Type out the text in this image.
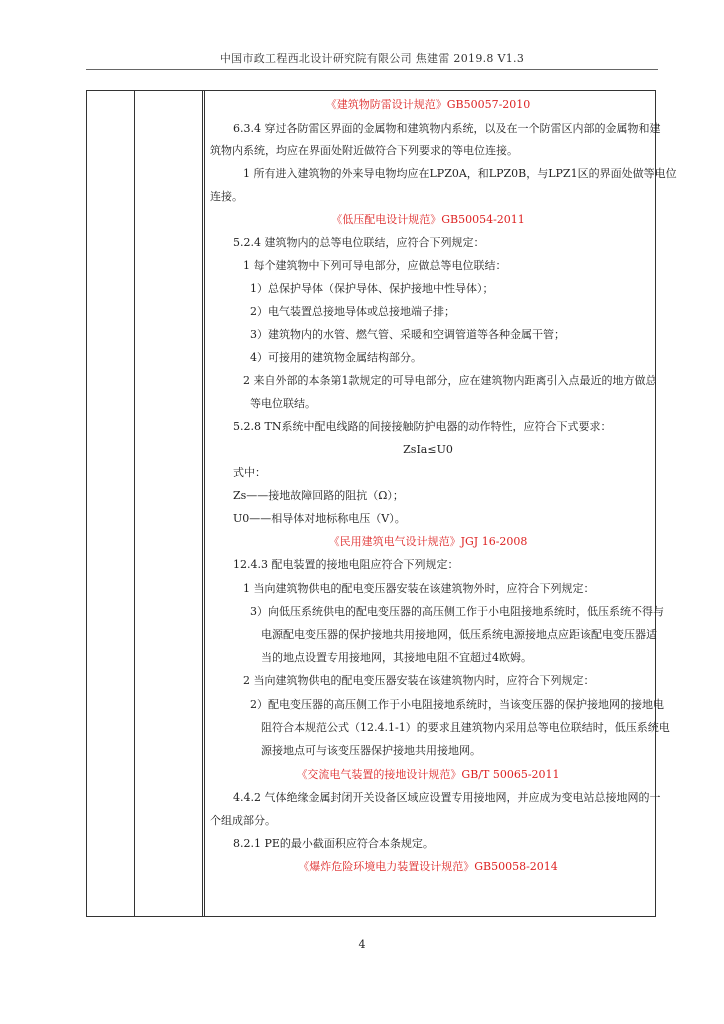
中国市政工程西北设计研究院有限公司 焦建雷 2019.8 V1.3
《建筑物防雷设计规范》GB50057-2010
6.3.4 穿过各防雷区界面的金属物和建筑物内系统，以及在一个防雷区内部的金属物和建
筑物内系统，均应在界面处附近做符合下列要求的等电位连接。
1 所有进入建筑物的外来导电物均应在LPZ0A，和LPZ0B，与LPZ1区的界面处做等电位
连接。
《低压配电设计规范》GB50054-2011
5.2.4 建筑物内的总等电位联结，应符合下列规定：
1 每个建筑物中下列可导电部分，应做总等电位联结：
1）总保护导体（保护导体、保护接地中性导体）；
2）电气装置总接地导体或总接地端子排；
3）建筑物内的水管、燃气管、采暖和空调管道等各种金属干管；
4）可接用的建筑物金属结构部分。
2 来自外部的本条第1款规定的可导电部分，应在建筑物内距离引入点最近的地方做总
等电位联结。
5.2.8 TN系统中配电线路的间接接触防护电器的动作特性，应符合下式要求：
ZsIa≤U0
式中：
Zs——接地故障回路的阻抗（Ω）；
U0——相导体对地标称电压（V）。
《民用建筑电气设计规范》JGJ 16-2008
12.4.3 配电装置的接地电阻应符合下列规定：
1 当向建筑物供电的配电变压器安装在该建筑物外时，应符合下列规定：
3）向低压系统供电的配电变压器的高压侧工作于小电阻接地系统时，低压系统不得与
电源配电变压器的保护接地共用接地网，低压系统电源接地点应距该配电变压器适
当的地点设置专用接地网，其接地电阻不宜超过4欧姆。
2 当向建筑物供电的配电变压器安装在该建筑物内时，应符合下列规定：
2）配电变压器的高压侧工作于小电阻接地系统时，当该变压器的保护接地网的接地电
阻符合本规范公式（12.4.1-1）的要求且建筑物内采用总等电位联结时，低压系统电
源接地点可与该变压器保护接地共用接地网。
《交流电气装置的接地设计规范》GB/T 50065-2011
4.4.2 气体绝缘金属封闭开关设备区域应设置专用接地网，并应成为变电站总接地网的一
个组成部分。
8.2.1 PE的最小截面积应符合本条规定。
《爆炸危险环境电力装置设计规范》GB50058-2014
4
